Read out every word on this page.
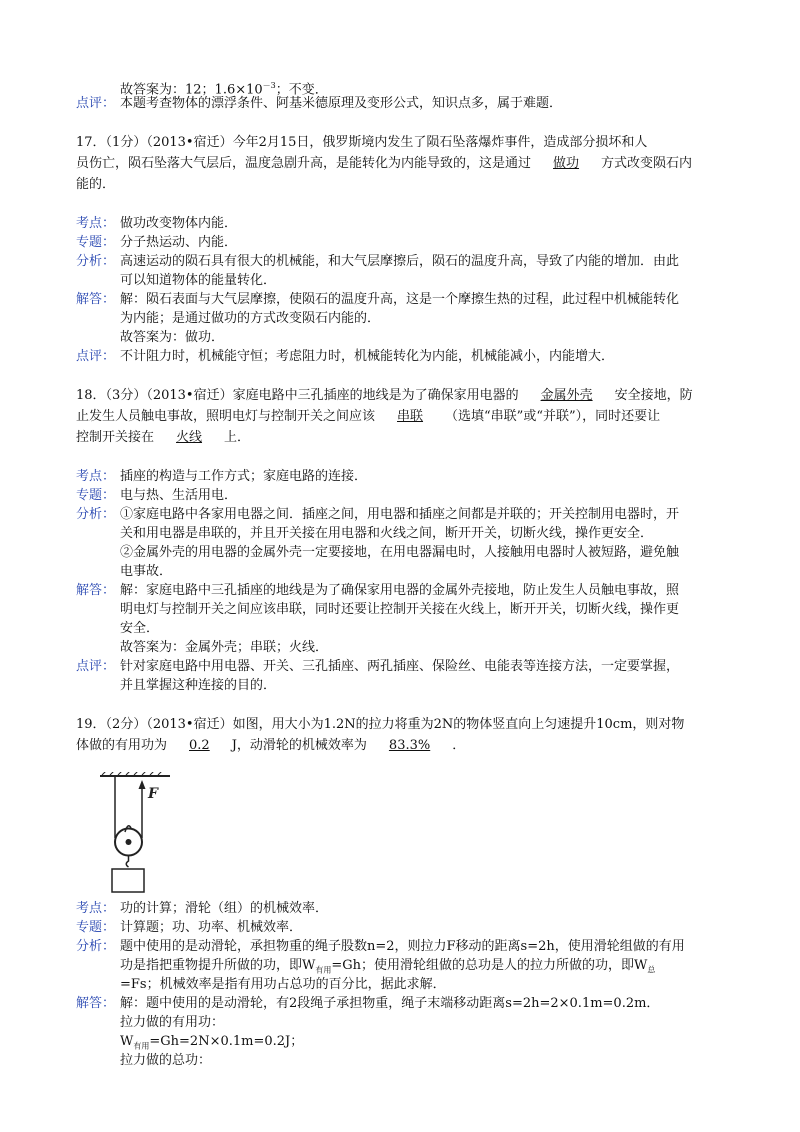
故答案为：12；$1.6\times 10^{-3}$；不变．
点评： 本题考查物体的漂浮条件、阿基米德原理及变形公式，知识点多，属于难题．
17．（1分）（2013•宿迁）今年2月15日，俄罗斯境内发生了陨石坠落爆炸事件，造成部分损坏和人
员伤亡，陨石坠落大气层后，温度急剧升高，是能转化为内能导致的，这是通过 做功 方式改变陨石内
能的．
考点： 做功改变物体内能．
专题： 分子热运动、内能．
分析： 高速运动的陨石具有很大的机械能，和大气层摩擦后，陨石的温度升高，导致了内能的增加．由此
可以知道物体的能量转化．
解答： 解：陨石表面与大气层摩擦，使陨石的温度升高，这是一个摩擦生热的过程，此过程中机械能转化
为内能；是通过做功的方式改变陨石内能的．
故答案为：做功．
点评： 不计阻力时，机械能守恒；考虑阻力时，机械能转化为内能，机械能减小，内能增大．
18．（3分）（2013•宿迁）家庭电路中三孔插座的地线是为了确保家用电器的 金属外壳 安全接地，防
止发生人员触电事故，照明电灯与控制开关之间应该 串联 （选填“串联”或“并联”），同时还要让
控制开关接在 火线 上．
考点： 插座的构造与工作方式；家庭电路的连接．
专题： 电与热、生活用电．
分析： ①家庭电路中各家用电器之间．插座之间，用电器和插座之间都是并联的；开关控制用电器时，开
关和用电器是串联的，并且开关接在用电器和火线之间，断开开关，切断火线，操作更安全．
②金属外壳的用电器的金属外壳一定要接地，在用电器漏电时，人接触用电器时人被短路，避免触
电事故．
解答： 解：家庭电路中三孔插座的地线是为了确保家用电器的金属外壳接地，防止发生人员触电事故，照
明电灯与控制开关之间应该串联，同时还要让控制开关接在火线上，断开开关，切断火线，操作更
安全．
故答案为：金属外壳；串联；火线．
点评： 针对家庭电路中用电器、开关、三孔插座、两孔插座、保险丝、电能表等连接方法，一定要掌握，
并且掌握这种连接的目的．
19．（2分）（2013•宿迁）如图，用大小为1.2N的拉力将重为2N的物体竖直向上匀速提升10cm，则对物
体做的有用功为 0.2 J，动滑轮的机械效率为 83.3% ．
F
考点： 功的计算；滑轮（组）的机械效率．
专题： 计算题；功、功率、机械效率．
分析： 题中使用的是动滑轮，承担物重的绳子股数n=2，则拉力F移动的距离s=2h，使用滑轮组做的有用
功是指把重物提升所做的功，即$W_{有用}=Gh$；使用滑轮组做的总功是人的拉力所做的功，即$W_总$
=Fs；机械效率是指有用功占总功的百分比，据此求解．
解答： 解：题中使用的是动滑轮，有2段绳子承担物重，绳子末端移动距离s=2h=2×0.1m=0.2m．
拉力做的有用功：
$W_{有用}=Gh=2N\times 0.1m=0.2J$；
拉力做的总功：
